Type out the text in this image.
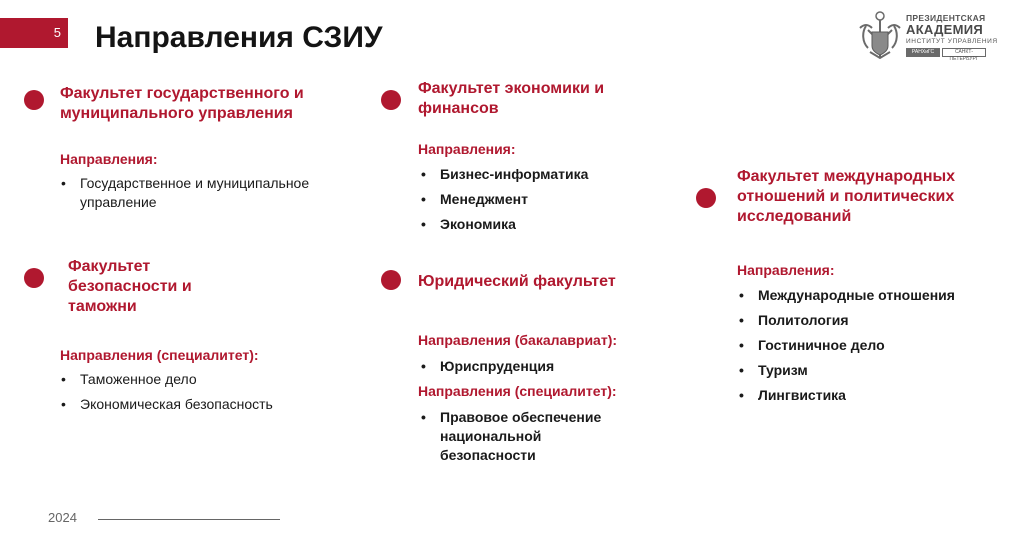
5 Направления СЗИУ
ПРЕЗИДЕНТСКАЯ
АКАДЕМИЯ
ИНСТИТУТ УПРАВЛЕНИЯ
РАНХиГС	САНКТ-ПЕТЕРБУРГ
Факультет государственного и
муниципального управления
Направления:
• Государственное и муниципальное управление
Факультет
безопасности и
таможни
Направления (специалитет):
• Таможенное дело
• Экономическая безопасность
Факультет экономики и
финансов
Направления:
• Бизнес-информатика
• Менеджмент
• Экономика
Юридический факультет
Направления (бакалавриат):
• Юриспруденция
Направления (специалитет):
• Правовое обеспечение национальной безопасности
Факультет международных
отношений и политических
исследований
Направления:
• Международные отношения
• Политология
• Гостиничное дело
• Туризм
• Лингвистика
2024
